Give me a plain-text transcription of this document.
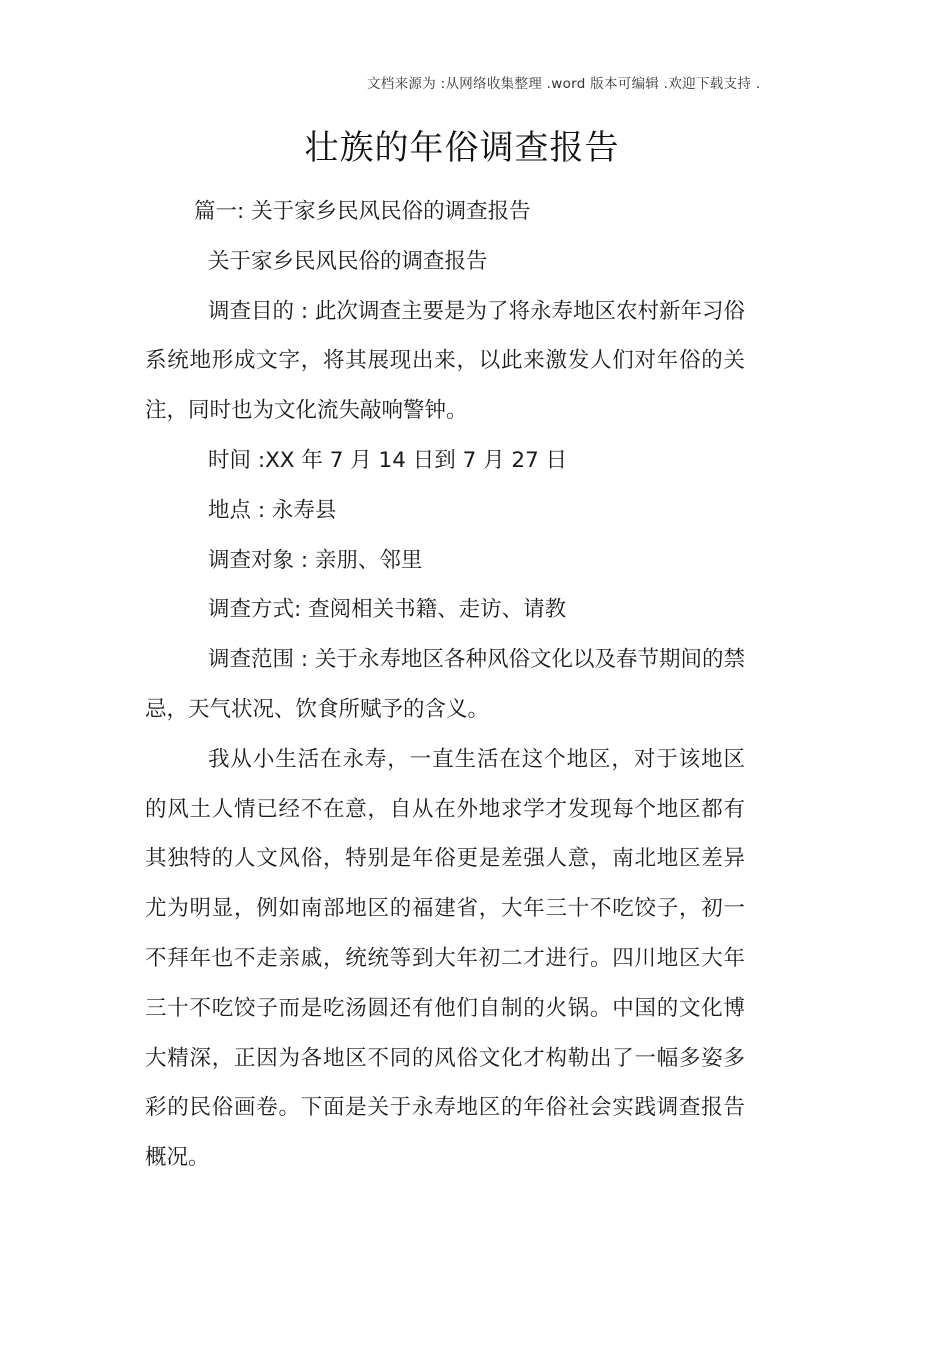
文档来源为 :从网络收集整理 .word 版本可编辑 .欢迎下载支持 .
壮族的年俗调查报告

篇一: 关于家乡民风民俗的调查报告

关于家乡民风民俗的调查报告

调查目的 : 此次调查主要是为了将永寿地区农村新年习俗系统地形成文字，将其展现出来，以此来激发人们对年俗的关注，同时也为文化流失敲响警钟。

时间 :XX 年 7 月 14 日到 7 月 27 日

地点 : 永寿县

调查对象 : 亲朋、邻里

调查方式: 查阅相关书籍、走访、请教

调查范围 : 关于永寿地区各种风俗文化以及春节期间的禁忌，天气状况、饮食所赋予的含义。

我从小生活在永寿，一直生活在这个地区，对于该地区的风土人情已经不在意，自从在外地求学才发现每个地区都有其独特的人文风俗，特别是年俗更是差强人意，南北地区差异尤为明显，例如南部地区的福建省，大年三十不吃饺子，初一不拜年也不走亲戚，统统等到大年初二才进行。四川地区大年三十不吃饺子而是吃汤圆还有他们自制的火锅。中国的文化博大精深，正因为各地区不同的风俗文化才构勒出了一幅多姿多彩的民俗画卷。下面是关于永寿地区的年俗社会实践调查报告概况。
